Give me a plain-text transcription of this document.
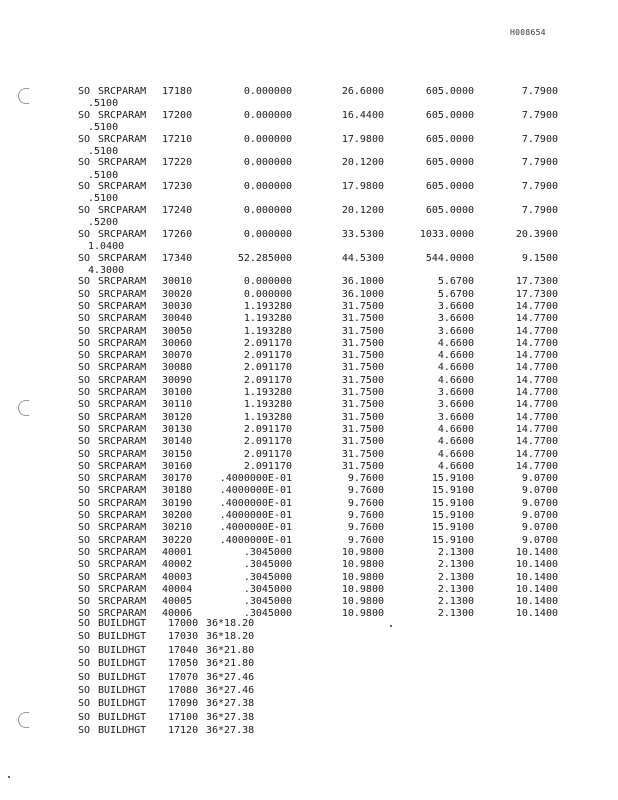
H008654
SO SRCPARAM 17180	0.000000	26.6000	605.0000	7.7900
.5100
SO SRCPARAM 17200	0.000000	16.4400	605.0000	7.7900
.5100
SO SRCPARAM 17210	0.000000	17.9800	605.0000	7.7900
.5100
SO SRCPARAM 17220	0.000000	20.1200	605.0000	7.7900
.5100
SO SRCPARAM 17230	0.000000	17.9800	605.0000	7.7900
.5100
SO SRCPARAM 17240	0.000000	20.1200	605.0000	7.7900
.5200
SO SRCPARAM 17260	0.000000	33.5300	1033.0000	20.3900
1.0400
SO SRCPARAM 17340	52.285000	44.5300	544.0000	9.1500
4.3000
SO SRCPARAM 30010	0.000000	36.1000	5.6700	17.7300
SO SRCPARAM 30020	0.000000	36.1000	5.6700	17.7300
SO SRCPARAM 30030	1.193280	31.7500	3.6600	14.7700
SO SRCPARAM 30040	1.193280	31.7500	3.6600	14.7700
SO SRCPARAM 30050	1.193280	31.7500	3.6600	14.7700
SO SRCPARAM 30060	2.091170	31.7500	4.6600	14.7700
SO SRCPARAM 30070	2.091170	31.7500	4.6600	14.7700
SO SRCPARAM 30080	2.091170	31.7500	4.6600	14.7700
SO SRCPARAM 30090	2.091170	31.7500	4.6600	14.7700
SO SRCPARAM 30100	1.193280	31.7500	3.6600	14.7700
SO SRCPARAM 30110	1.193280	31.7500	3.6600	14.7700
SO SRCPARAM 30120	1.193280	31.7500	3.6600	14.7700
SO SRCPARAM 30130	2.091170	31.7500	4.6600	14.7700
SO SRCPARAM 30140	2.091170	31.7500	4.6600	14.7700
SO SRCPARAM 30150	2.091170	31.7500	4.6600	14.7700
SO SRCPARAM 30160	2.091170	31.7500	4.6600	14.7700
SO SRCPARAM 30170	.4000000E-01	9.7600	15.9100	9.0700
SO SRCPARAM 30180	.4000000E-01	9.7600	15.9100	9.0700
SO SRCPARAM 30190	.4000000E-01	9.7600	15.9100	9.0700
SO SRCPARAM 30200	.4000000E-01	9.7600	15.9100	9.0700
SO SRCPARAM 30210	.4000000E-01	9.7600	15.9100	9.0700
SO SRCPARAM 30220	.4000000E-01	9.7600	15.9100	9.0700
SO SRCPARAM 40001	.3045000	10.9800	2.1300	10.1400
SO SRCPARAM 40002	.3045000	10.9800	2.1300	10.1400
SO SRCPARAM 40003	.3045000	10.9800	2.1300	10.1400
SO SRCPARAM 40004	.3045000	10.9800	2.1300	10.1400
SO SRCPARAM 40005	.3045000	10.9800	2.1300	10.1400
SO SRCPARAM 40006	.3045000	10.9800	2.1300	10.1400
SO BUILDHGT 17000 36*18.20
SO BUILDHGT 17030 36*18.20
SO BUILDHGT 17040 36*21.80
SO BUILDHGT 17050 36*21.80
SO BUILDHGT 17070 36*27.46
SO BUILDHGT 17080 36*27.46
SO BUILDHGT 17090 36*27.38
SO BUILDHGT 17100 36*27.38
SO BUILDHGT 17120 36*27.38
